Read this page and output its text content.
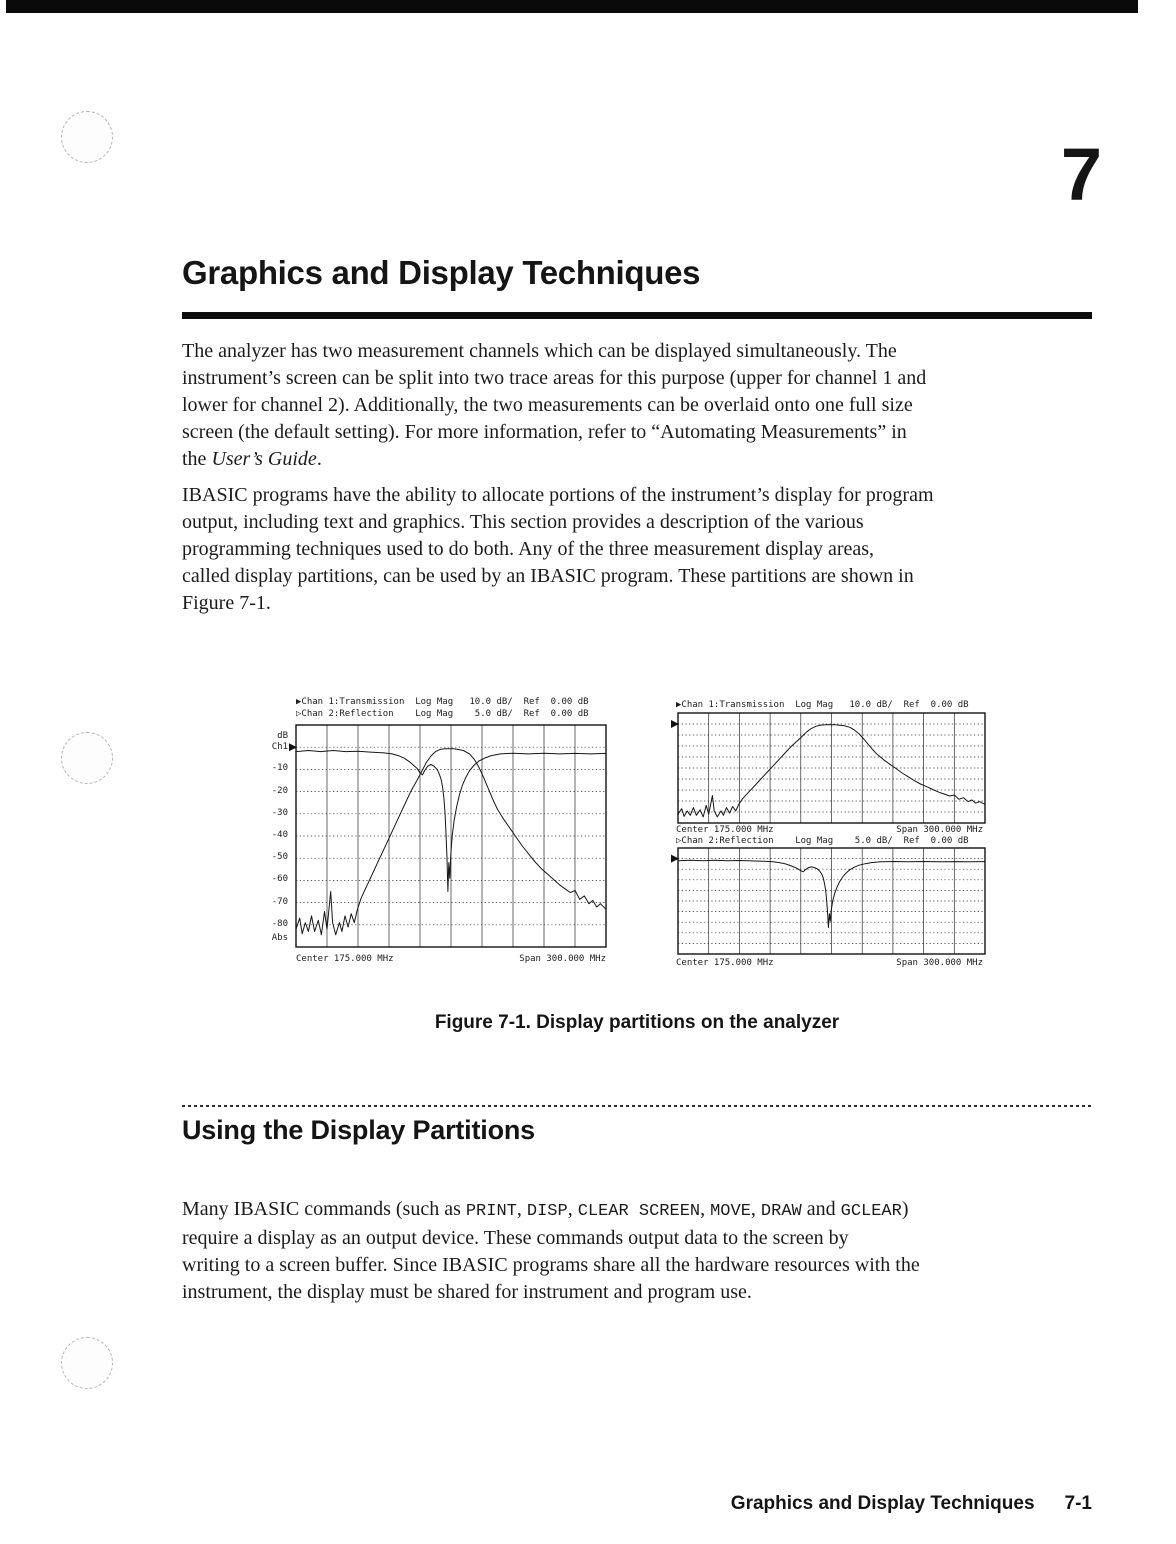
7
Graphics and Display Techniques

The analyzer has two measurement channels which can be displayed simultaneously. The
instrument’s screen can be split into two trace areas for this purpose (upper for channel 1 and
lower for channel 2). Additionally, the two measurements can be overlaid onto one full size
screen (the default setting). For more information, refer to “Automating Measurements” in
the User’s Guide.

IBASIC programs have the ability to allocate portions of the instrument’s display for program
output, including text and graphics. This section provides a description of the various
programming techniques used to do both. Any of the three measurement display areas,
called display partitions, can be used by an IBASIC program. These partitions are shown in
Figure 7-1.

▶Chan 1:Transmission  Log Mag   10.0 dB/  Ref  0.00 dB
▷Chan 2:Reflection    Log Mag    5.0 dB/  Ref  0.00 dB
dB
Ch1
-10
-20
-30
-40
-50
-60
-70
-80
Abs
Center 175.000 MHz	Span 300.000 MHz
▶Chan 1:Transmission  Log Mag   10.0 dB/  Ref  0.00 dB
Center 175.000 MHz	Span 300.000 MHz
▷Chan 2:Reflection    Log Mag    5.0 dB/  Ref  0.00 dB
Center 175.000 MHz	Span 300.000 MHz
Figure 7-1. Display partitions on the analyzer
Using the Display Partitions

Many IBASIC commands (such as PRINT, DISP, CLEAR SCREEN, MOVE, DRAW and GCLEAR)
require a display as an output device. These commands output data to the screen by
writing to a screen buffer. Since IBASIC programs share all the hardware resources with the
instrument, the display must be shared for instrument and program use.

Graphics and Display Techniques 7-1
